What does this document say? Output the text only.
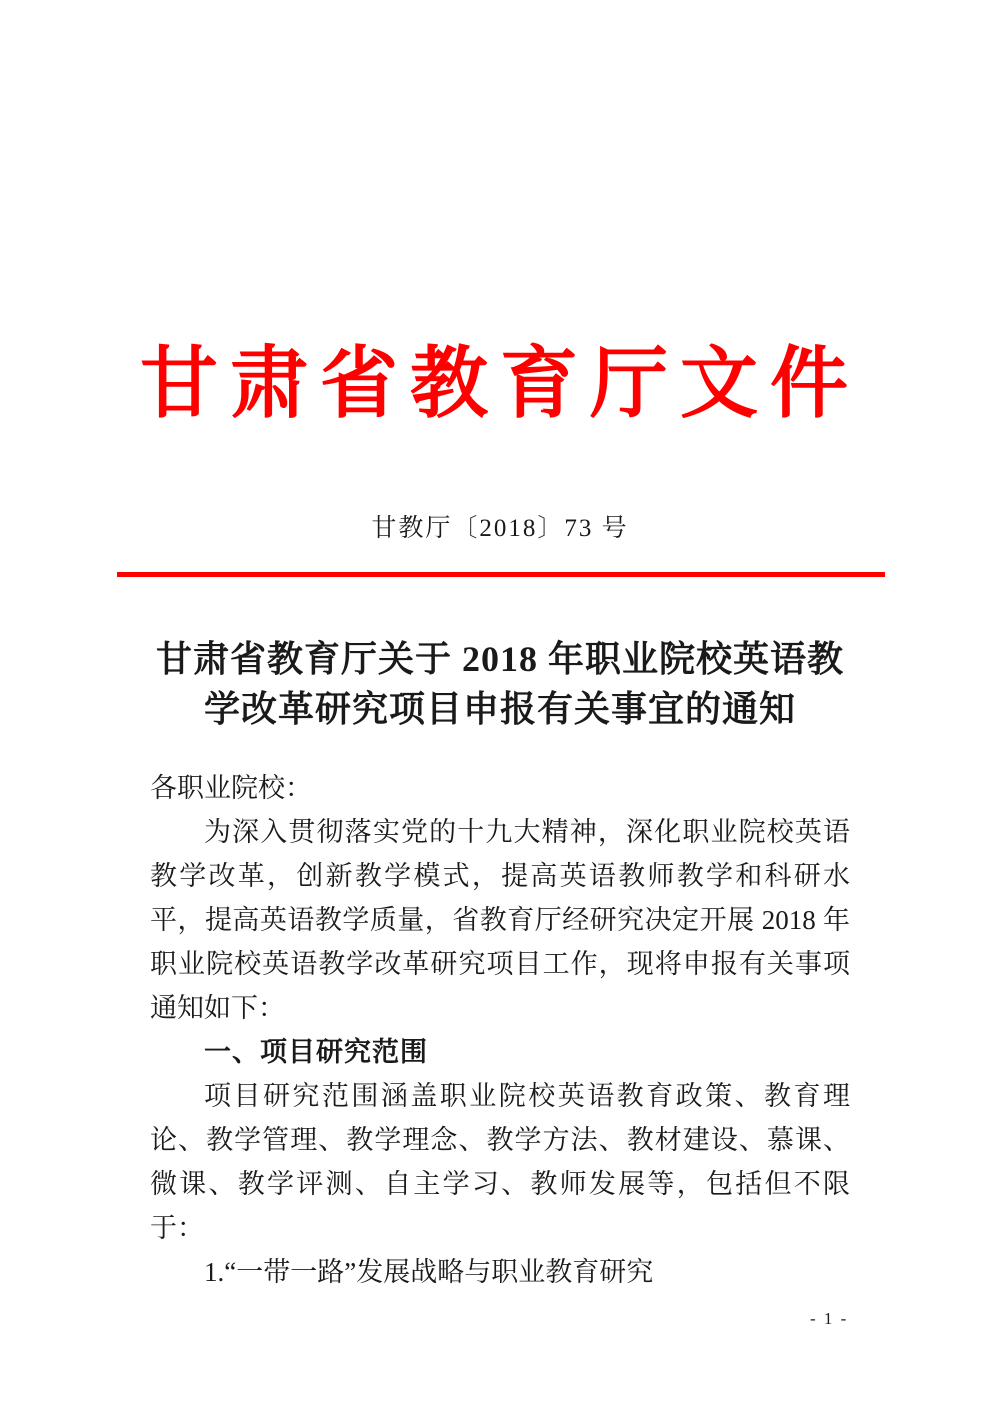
甘肃省教育厅文件
甘教厅〔2018〕73 号
甘肃省教育厅关于 2018 年职业院校英语教
学改革研究项目申报有关事宜的通知

各职业院校：

为深入贯彻落实党的十九大精神，深化职业院校英语教学改革，创新教学模式，提高英语教师教学和科研水平，提高英语教学质量，省教育厅经研究决定开展 2018 年职业院校英语教学改革研究项目工作，现将申报有关事项通知如下：

一、项目研究范围

项目研究范围涵盖职业院校英语教育政策、教育理论、教学管理、教学理念、教学方法、教材建设、慕课、微课、教学评测、自主学习、教师发展等，包括但不限于：

1.“一带一路”发展战略与职业教育研究

- 1 -
